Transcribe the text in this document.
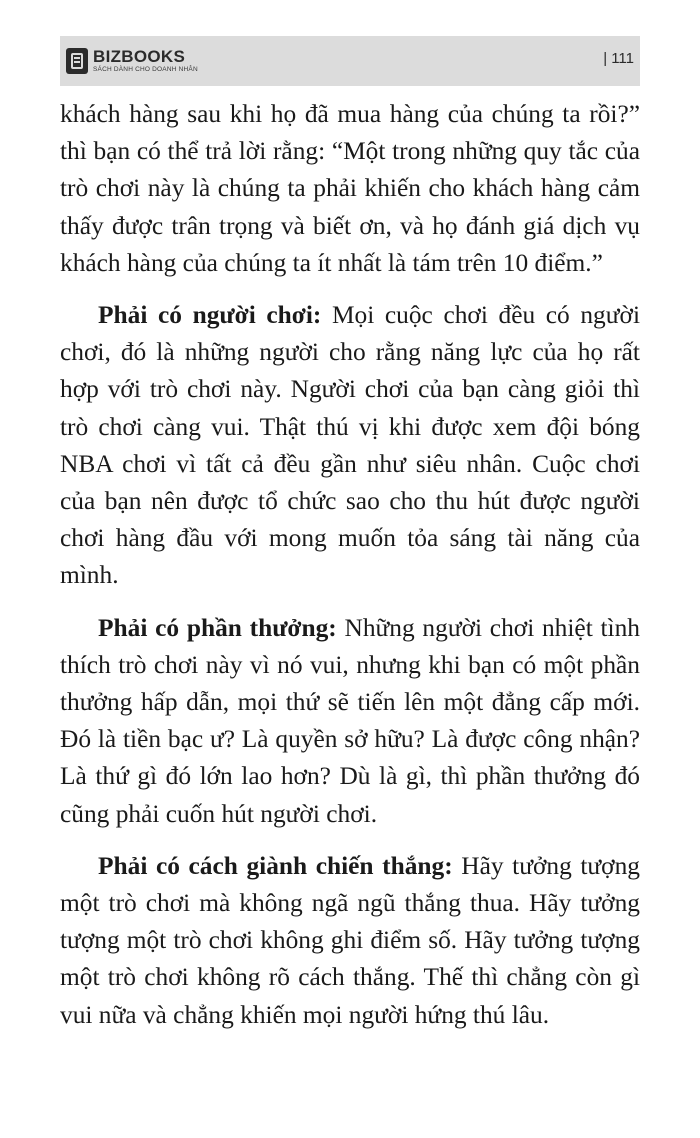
BIZBOOKS
SÁCH DÀNH CHO DOANH NHÂN
| 111

khách hàng sau khi họ đã mua hàng của chúng ta rồi?” thì bạn có thể trả lời rằng: “Một trong những quy tắc của trò chơi này là chúng ta phải khiến cho khách hàng cảm thấy được trân trọng và biết ơn, và họ đánh giá dịch vụ khách hàng của chúng ta ít nhất là tám trên 10 điểm.”

Phải có người chơi: Mọi cuộc chơi đều có người chơi, đó là những người cho rằng năng lực của họ rất hợp với trò chơi này. Người chơi của bạn càng giỏi thì trò chơi càng vui. Thật thú vị khi được xem đội bóng NBA chơi vì tất cả đều gần như siêu nhân. Cuộc chơi của bạn nên được tổ chức sao cho thu hút được người chơi hàng đầu với mong muốn tỏa sáng tài năng của mình.

Phải có phần thưởng: Những người chơi nhiệt tình thích trò chơi này vì nó vui, nhưng khi bạn có một phần thưởng hấp dẫn, mọi thứ sẽ tiến lên một đẳng cấp mới. Đó là tiền bạc ư? Là quyền sở hữu? Là được công nhận? Là thứ gì đó lớn lao hơn? Dù là gì, thì phần thưởng đó cũng phải cuốn hút người chơi.

Phải có cách giành chiến thắng: Hãy tưởng tượng một trò chơi mà không ngã ngũ thắng thua. Hãy tưởng tượng một trò chơi không ghi điểm số. Hãy tưởng tượng một trò chơi không rõ cách thắng. Thế thì chẳng còn gì vui nữa và chẳng khiến mọi người hứng thú lâu.
